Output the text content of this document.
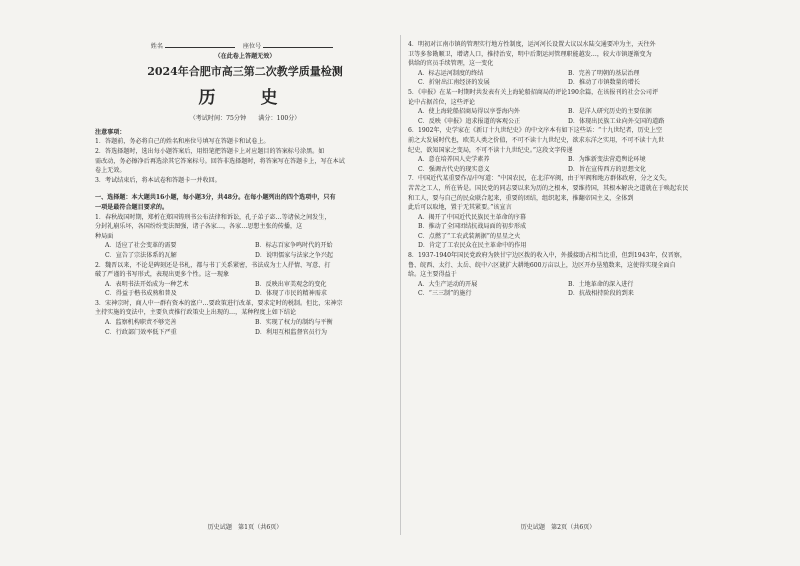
姓名	座位号
（在此卷上答题无效）
2024年合肥市高三第二次教学质量检测
历　史
（考试时间：75分钟　　满分：100分）
注意事项：
1．答题前，务必将自己的姓名和座位号填写在答题卡和试卷上。
2．答选择题时，选出每小题答案后，用铅笔把答题卡上对应题目的答案标号涂黑。如
需改动，务必擦净后再选涂其它答案标号。回答非选择题时，将答案写在答题卡上，写在本试
卷上无效。
3．考试结束后，将本试卷和答题卡一并收回。
一、选择题：本大题共16小题，每小题3分，共48分。在每小题列出的四个选项中，只有
一项是最符合题目要求的。
1．春秋战国时期，郑析在郑国铸刑书公布法律和诉讼，孔子弟子宓…等诸侯之间发生，
分封礼崩乐坏，各国纷纷变法图强，诸子各家…，各家…思想主张的传播，这
种局面
A．适应了社会变革的需要	B．标志百家争鸣时代的开始
C．宣告了宗法体系的瓦解	D．说明儒家与法家之争兴起
2．魏晋以来，不论是碑刻还是书札，都与书丁关系紧密，书法成为士人抒情、写意、打
破了严谨的书写形式，表现出更多个性。这一现象
A．表明书法开始成为一种艺术	B．反映出审美观念的变化
C．得益于楷书成熟和普及	D．体现了市民的精神需求
3．宋神宗时，商人中一群有资本的富户…要政策进行改革，要求定时的税制。但比，宋神宗
主持实施的变法中，主要负责推行政策史上出现的…，某种程度上如下结论
A．监察机构职责不够完善	B．实现了权力的制约与平衡
C．行政部门效率低下严重	D．利用互相监督官员行为
历史试题　第1页（共6页）
4．明初对江南市镇的管理实行地方性制度，运河河长设置大议以水陆交通要冲为主，天往外
卫等多参勘顺卫，增诸人口，推持治安，明中后期运河管理职能越发…，较大市镇逐渐变为
供给的官员手续管理，这一变化
A．标志运河制度的终结	B．完善了明朝的基层治理
C．折射出江南经济的发展	D．推动了市镇数量的增长
5．《申报》在某一时期时共发表有关上海轮船招商局的评论190余篇，在该报刊的社会公司评
论中占据首位，这些评论
A．使上海轮船招商局得以享誉海内外	B．是洋人研究历史的主要依据
C．反映《申报》追求报道的客观公正	D．体现出民族工业向外交国的道路
6．1902年，史学家在《新订十九世纪史》的中文序本有如下这些话：“十九世纪者，历史上空
前之大发展时代也，欧美人类之价值，不可不读十九世纪史，欲求东洋之实用，不可不读十九世
纪史，欲知国家之变局，不可不读十九世纪史。”这段文字传递
A．意在培养国人史学素养	B．为维新变法营造舆论环境
C．强调古代史的现实意义	D．旨在宣传西方的思想文化
7．中国近代某重要作品中写道：“中国农民，在北洋军阀，由于军阀和地方群体政府，分之义失，
苦苦之工人，所在皆是。国民党的同志要以来为历的之根本，要维持国，其根本解决之道就在于唤起农民
和工人，要与自己的民众联合起来，重要的团结，组织起来，推翻帝国主义，全体到
此后可以取地，置于无其紧要。”该宣言
A．揭开了中国近代民族民主革命的序幕
B．推动了全国团结抗战局面的初步形成
C．点燃了“工农武装割据”的星星之火
D．肯定了工农民众在民主革命中的作用
8．1937-1940年国民党政府为陕甘宁边区拨的收入中，外援接助占相当比重，但到1943年，仅晋察，
鲁、皖西、太行、太岳、皖中六区就扩大耕地600万亩以上，边区开办垦殖数来，这使得实现全面自
给。这主要得益于
A．大生产运动的开展	B．土地革命的深入进行
C．“三三制”的施行	D．抗战相持阶段的到来
历史试题　第2页（共6页）
